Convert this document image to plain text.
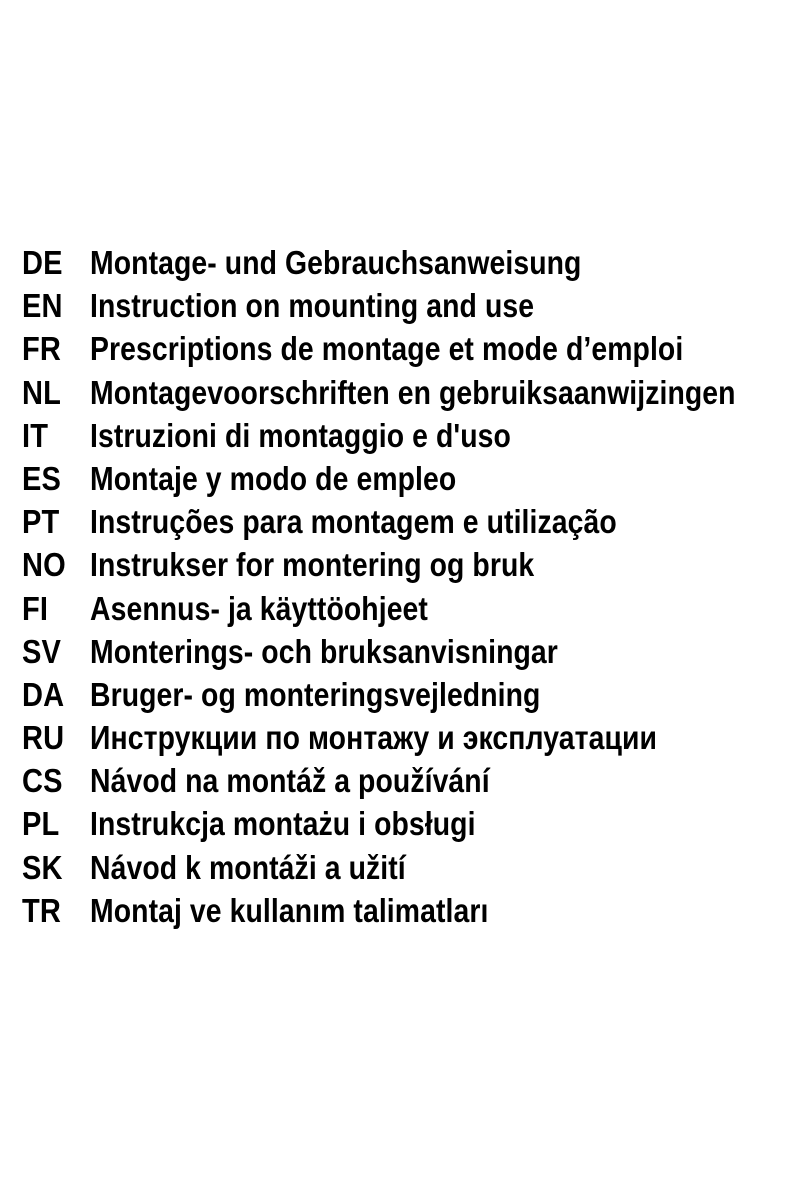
DE Montage- und Gebrauchsanweisung
EN Instruction on mounting and use
FR Prescriptions de montage et mode d’emploi
NL Montagevoorschriften en gebruiksaanwijzingen
IT	Istruzioni di montaggio e d'uso
ES Montaje y modo de empleo
PT Instruções para montagem e utilização
NO Instrukser for montering og bruk
FI	Asennus- ja käyttöohjeet
SV Monterings- och bruksanvisningar
DA Bruger- og monteringsvejledning
RU Инструкции по монтажу и эксплуатации
CS Návod na montáž a používání
PL Instrukcja montażu i obsługi
SK Návod k montáži a užití
TR Montaj ve kullanım talimatları
